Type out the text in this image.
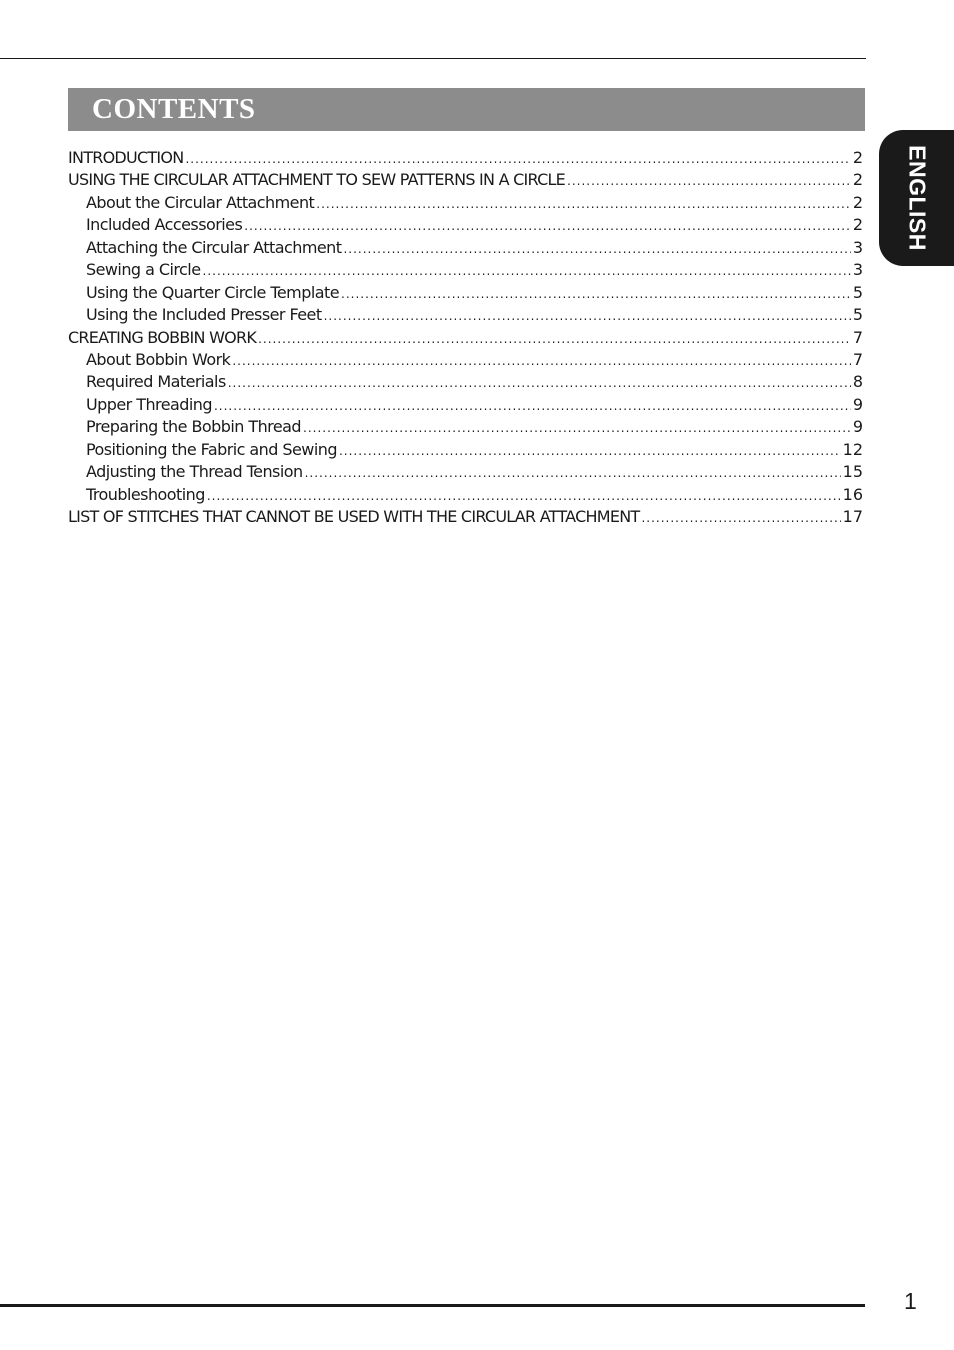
CONTENTS
ENGLISH
INTRODUCTION .....	2
USING THE CIRCULAR ATTACHMENT TO SEW PATTERNS IN A CIRCLE .....	2
About the Circular Attachment .....	2
Included Accessories .....	2
Attaching the Circular Attachment .....	3
Sewing a Circle .....	3
Using the Quarter Circle Template .....	5
Using the Included Presser Feet .....	5
CREATING BOBBIN WORK .....	7
About Bobbin Work .....	7
Required Materials .....	8
Upper Threading .....	9
Preparing the Bobbin Thread .....	9
Positioning the Fabric and Sewing .....	12
Adjusting the Thread Tension .....	15
Troubleshooting .....	16
LIST OF STITCHES THAT CANNOT BE USED WITH THE CIRCULAR ATTACHMENT .....	17
1
